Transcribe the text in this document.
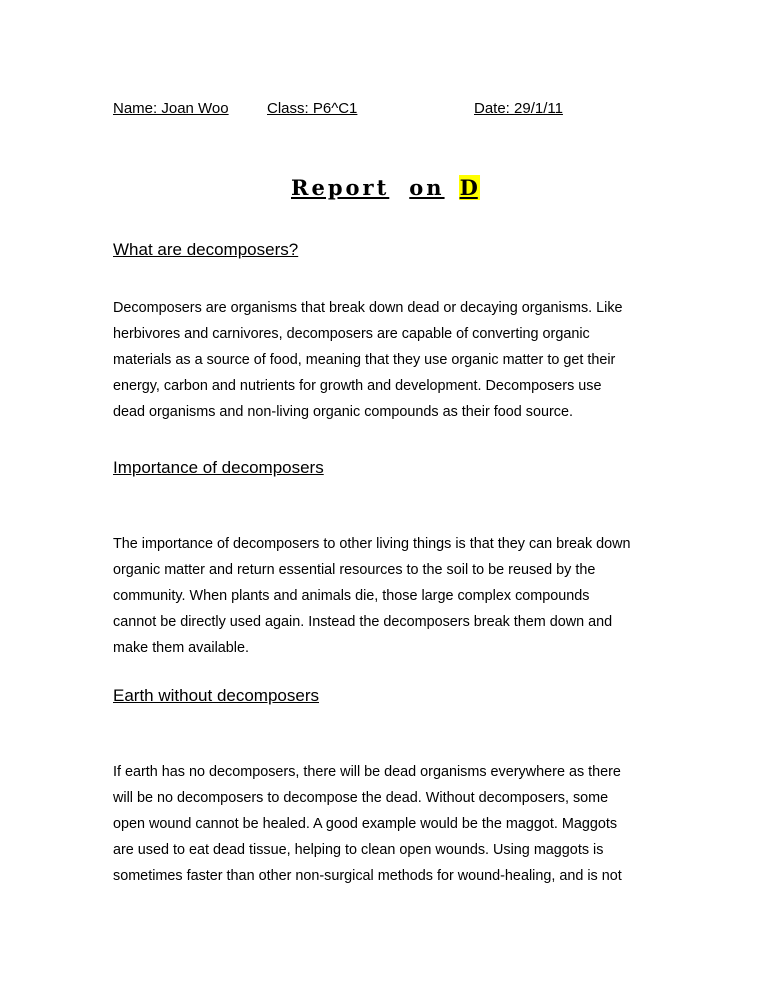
Name: Joan Woo	Class: P6^C1	Date: 29/1/11
Report on D
What are decomposers?

Decomposers are organisms that break down dead or decaying organisms. Like
herbivores and carnivores, decomposers are capable of converting organic
materials as a source of food, meaning that they use organic matter to get their
energy, carbon and nutrients for growth and development. Decomposers use
dead organisms and non-living organic compounds as their food source.

Importance of decomposers

The importance of decomposers to other living things is that they can break down
organic matter and return essential resources to the soil to be reused by the
community. When plants and animals die, those large complex compounds
cannot be directly used again. Instead the decomposers break them down and
make them available.

Earth without decomposers

If earth has no decomposers, there will be dead organisms everywhere as there
will be no decomposers to decompose the dead. Without decomposers, some
open wound cannot be healed. A good example would be the maggot. Maggots
are used to eat dead tissue, helping to clean open wounds. Using maggots is
sometimes faster than other non-surgical methods for wound-healing, and is not
